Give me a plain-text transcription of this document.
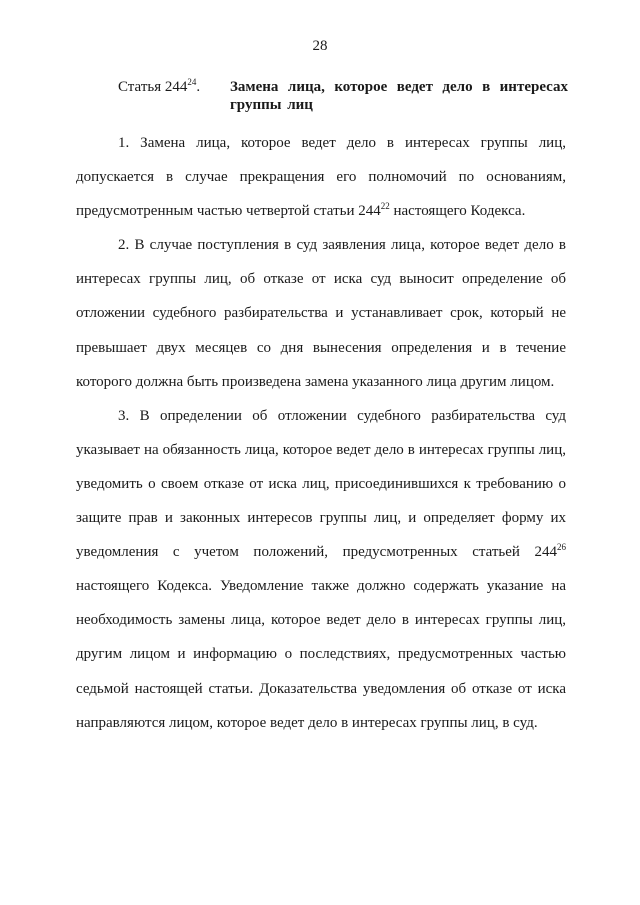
28
Статья $244^{24}$. Замена лица, которое ведет дело в интересах группы лиц

1. Замена лица, которое ведет дело в интересах группы лиц, допускается в случае прекращения его полномочий по основаниям, предусмотренным частью четвертой статьи $244^{22}$ настоящего Кодекса.

2. В случае поступления в суд заявления лица, которое ведет дело в интересах группы лиц, об отказе от иска суд выносит определение об отложении судебного разбирательства и устанавливает срок, который не превышает двух месяцев со дня вынесения определения и в течение которого должна быть произведена замена указанного лица другим лицом.

3. В определении об отложении судебного разбирательства суд указывает на обязанность лица, которое ведет дело в интересах группы лиц, уведомить о своем отказе от иска лиц, присоединившихся к требованию о защите прав и законных интересов группы лиц, и определяет форму их уведомления с учетом положений, предусмотренных статьей $244^{26}$ настоящего Кодекса. Уведомление также должно содержать указание на необходимость замены лица, которое ведет дело в интересах группы лиц, другим лицом и информацию о последствиях, предусмотренных частью седьмой настоящей статьи. Доказательства уведомления об отказе от иска направляются лицом, которое ведет дело в интересах группы лиц, в суд.
